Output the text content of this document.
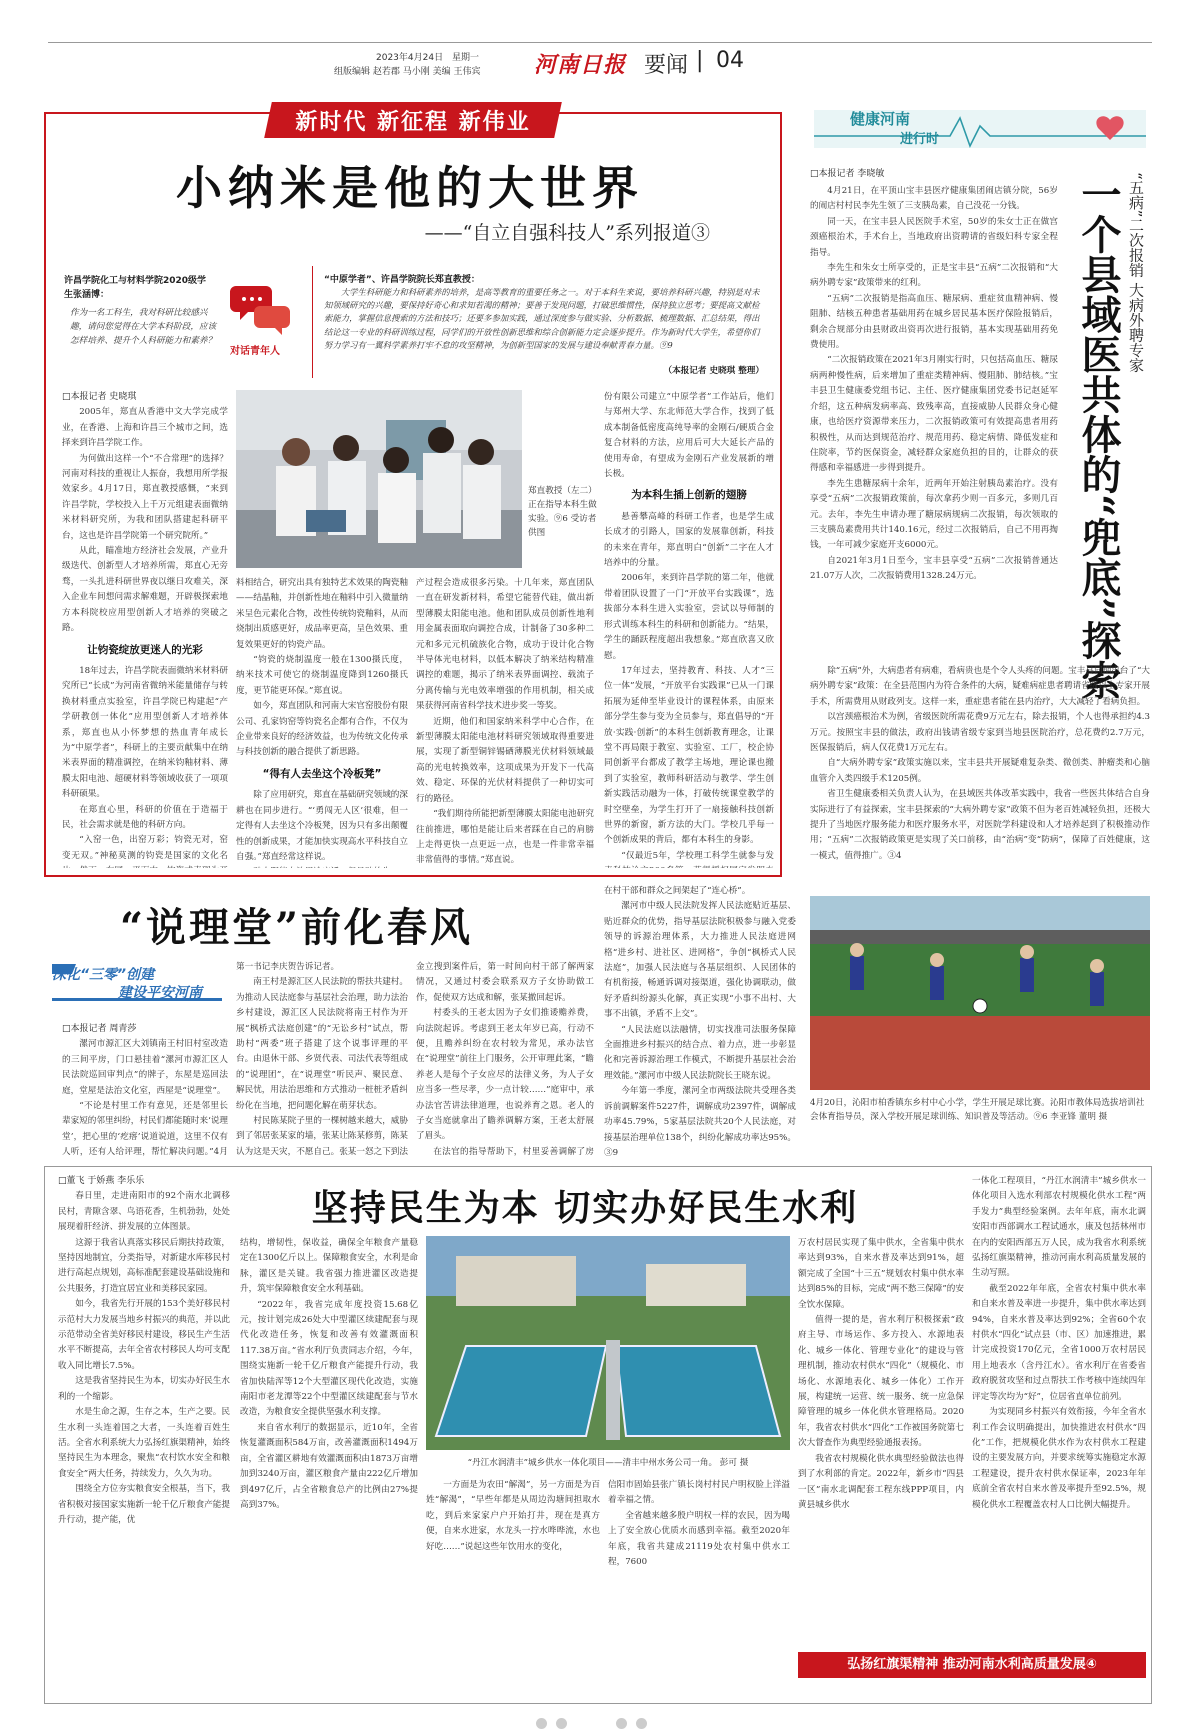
2023年4月24日 星期一
组版编辑 赵若郡 马小刚 美编 王伟宾 河南日报 要闻 | 04
新时代 新征程 新伟业
小纳米是他的大世界
——“自立自强科技人”系列报道③
许昌学院化工与材料学院2020级学生张涵博：
作为一名工科生，我对科研比较感兴趣，请问您觉得在大学本科阶段，应该怎样培养、提升个人科研能力和素养？
对话青年人
“中原学者”、许昌学院院长郑直教授：
大学生科研能力和科研素养的培养，是高等教育的重要任务之一。对于本科生来说，要培养科研兴趣，特别是对未知领域研究的兴趣，要保持好奇心和求知若渴的精神；要善于发现问题，打破思维惯性，保持独立思考；要提高文献检索能力，掌握信息搜索的方法和技巧；还要多参加实践，通过深度参与做实验、分析数据、梳理数据、汇总结果，得出结论这一专业的科研训练过程，同学们的开放性创新思维和综合创新能力定会逐步提升。作为新时代大学生，希望你们努力学习有一翼科学素养打牢不怠的攻坚精神，为创新型国家的发展与建设奉献青春力量。⑨9
（本报记者 史晓琪 整理）

□本报记者 史晓琪

2005年，郑直从香港中文大学完成学业，在香港、上海和许昌三个城市之间，选择来到许昌学院工作。

为何做出这样一个“不合常理”的选择？河南对科技的重视让人振奋，我想用所学报效家乡。4月17日，郑直教授感慨，“来到许昌学院，学校投入上千万元组建表面微纳米材料研究所，为我和团队搭建起科研平台，这也是许昌学院第一个研究院所。”

从此，瞄准地方经济社会发展，产业升级迭代、创新型人才培养所需，郑直心无旁骛，一头扎进科研世界夜以继日攻难关，深入企业车间想问需求解难题，开辟极探索地方本科院校应用型创新人才培养的突破之路。

让钧瓷绽放更迷人的光彩

18年过去，许昌学院表面微纳米材料研究所已“长成”为河南省微纳米能量储存与转换材料重点实验室，许昌学院已构建起“产学研教创一体化”应用型创新人才培养体系，郑直也从小怀梦想的热血青年成长为“中原学者”，科研上的主要贡献集中在纳米表界面的精准调控，在纳米钧釉材料、薄膜太阳电池、超硬材料等领域收获了一项项科研硕果。

在郑直心里，科研的价值在于造福于民，社会需求就是他的科研方向。

“入窑一色，出窑万彩；钧瓷无对，窑变无双。”神秘莫测的钧瓷是国家的文化名

郑直教授（左二）正在指导本科生做实验。⑨6 受访者供图

料相结合，研究出具有独特艺术效果的陶瓷釉——结晶釉，并创新性地在釉料中引入微量纳米呈色元素化合物，改性传统钧瓷釉料，从而烧制出质感更好，成品率更高，呈色效果、重复效果更好的钧瓷产品。

“钧瓷的烧制温度一般在1300摄氏度，纳米技术可使它的烧制温度降到1260摄氏度，更节能更环保。”郑直说。

如今，郑直团队和河南大宋官窑股份有限公司、孔家钧窑等钧瓷名企都有合作，不仅为企业带来良好的经济效益，也为传统文化传承与科技创新的融合提供了新思路。

“得有人去坐这个冷板凳”

除了应用研究，郑直在基础研究领域的深耕也在同步进行。“‘勇闯无人区’很难，但一定得有人去坐这个冷板凳，因为只有多出颠覆性的创新成果，才能加快实现高水平科技自立自强。”郑直经常这样说。

产过程会造成很多污染。十几年来，郑直团队一直在研发新材料，希望它能替代硅，做出新型薄膜太阳能电池。他和团队成员创新性地利用金属表面取向调控合成，计制备了30多种二元和多元元机硫族化合物，成功于设计化合物半导体光电材料，以低本解决了纳米结构精准调控的难题，揭示了纳米表界面调控、载流子分离传输与光电效率增强的作用机制，相关成果获得河南省科学技术进步奖一等奖。

近期，他们和国家纳米科学中心合作，在新型薄膜太阳能电池材料研究领域取得重要进展，实现了新型铜锌锡硒薄膜光伏材料领域最高的光电转换效率，这项成果为开发下一代高效、稳定、环保的光伏材料提供了一种切实可行的路径。

“我们期待所能把新型薄膜太阳能电池研究往前推进，哪怕是能让后来者踩在自己的肩膀上走得更快一点更远一点，也是一件非常幸福非常值得的事情。”郑直说。

份有限公司建立“中原学者”工作站后，他们与郑州大学、东北师范大学合作，找到了低成本制备低密度高纯导率的金刚石/硬质合金复合材料的方法，应用后可大大延长产品的使用寿命，有望成为金刚石产业发展新的增长极。

为本科生插上创新的翅膀

悬善攀高峰的科研工作者，也是学生成长成才的引路人，国家的发展靠创新，科技的未来在青年，郑直明白“创新”二字在人才培养中的分量。

2006年，来到许昌学院的第二年，他就带着团队设置了一门“开放平台实践课”，选拔部分本科生进入实验室，尝试以导师制的形式训练本科生的科研和创新能力。“结果，学生的踊跃程度超出我想象。”郑直欣喜又欣慰。

17年过去，坚持教育、科技、人才“三位一体”发展，“开放平台实践课”已从一门课拓展为延伸至毕业设计的课程体系，由原来部分学生参与变为全员参与，郑直倡导的“开放·实践·创新”的本科生创新教育理念，让课堂不再局限于教室、实验室、工厂，校企协同创新平台都成了教学主场地，理论课也搬到了实验室，教师科研活动与教学、学生创新实践活动融为一体，打破传统课堂教学的时空壁垒，为学生打开了一扇接触科技创新世界的新窗，新方法的大门。学校几乎每一个创新成果的背后，都有本科生的身影。

“仅最近5年，学校理工科学生就参与发

健康河南
进行时
□本报记者 李晓敏	“五病”二次报销 大病外聘专家
一个县域医共体的“兜底”探索

4月21日，在平顶山宝丰县医疗健康集团闹店镇分院，56岁的闹店村村民李先生领了三支胰岛素，自己没花一分钱。

同一天，在宝丰县人民医院手术室，50岁的朱女士正在做宫颈癌根治术，手术台上，当地政府出资聘请的省级妇科专家全程指导。

李先生和朱女士所享受的，正是宝丰县“五病”二次报销和“大病外聘专家”政策带来的红利。

“五病”二次报销是指高血压、糖尿病、重症贫血精神病、慢阻肺、结核五种患者基础用药在城乡居民基本医疗保险报销后，剩余合规部分由县财政出资再次进行报销，基本实现基础用药免费使用。

“二次报销政策在2021年3月刚实行时，只包括高血压、糖尿病两种慢性病，后来增加了重症类精神病、慢阻肺、肺结核。”宝丰县卫生健康委党组书记、主任、医疗健康集团党委书记赵延军介绍，这五种病发病率高、致残率高，直接威胁人民群众身心健康，也给医疗资源带来压力，二次报销政策可有效提高患者用药积极性，从而达到规范治疗、规范用药、稳定病情、降低发症和住院率，节约医保资金，减轻群众家庭负担的目的，让群众的获得感和幸福感进一步得到提升。

李先生患糖尿病十余年，近两年开始注射胰岛素治疗。没有享受“五病”二次报销政策前，每次拿药少则一百多元，多则几百元。去年，李先生申请办理了糖尿病规病二次报销，每次领取的三支胰岛素费用共计140.16元，经过二次报销后，自己不用再掏钱，一年可减少家庭开支6000元。

自2021年3月1日至今，宝丰县享受“五病”二次报销普通达21.07万人次，二次报销费用1328.24万元。

除“五病”外，大病患者有病难，看病贵也是个令人头疼的问题。宝丰县同期出台了“大病外聘专家”政策：在全县范围内为符合条件的大病，疑难病症患者聘请省级以上专家开展手术，所需费用从财政列支。这样一来，重症患者能在县内治疗，大大减轻了看病负担。

以宫颈癌根治术为例，省级医院所需花费9万元左右，除去报销，个人也得承担约4.3万元。按照宝丰县的做法，政府出钱请省级专家到当地县医院治疗，总花费约2.7万元，医保报销后，病人仅花费1万元左右。

自“大病外聘专家”政策实施以来，宝丰县共开展疑难复杂类、微创类、肿瘤类和心脑血管介入类四级手术1205例。

省卫生健康委相关负责人认为，在县域医共体改革实践中，我省一些医共体结合自身实际进行了有益探索，宝丰县探索的“大病外聘专家”政策不但为老百姓减轻负担，还极大提升了当地医疗服务能力和医疗服务水平，对医院学科建设和人才培养起到了积极推动作用；“五病”二次报销政策更是实现了关口前移，由“治病”变“防病”，保障了百姓健康，这一模式，值得推广。③4

4月20日，沁阳市柏香镇东乡村中心小学，学生开展足球比赛。沁阳市教体局选拔培训社会体育指导员，深入学校开展足球训练、知识普及等活动。⑨6 李亚锋 董明 摄
“说理堂”前化春风
深化“三零”创建
建设平安河南

□本报记者 周青莎

漯河市源汇区大刘镇南王村旧村室改造的三间平房，门口悬挂着“漯河市源汇区人民法院巡回审判点”的牌子，东屋是巡回法庭，堂屋是法治文化室，西屋是“说理堂”。

“不论是村里工作有意见，还是邻里长辈家短的邻里纠纷，村民们都能随时来‘说理堂’，把心里的‘疙瘩’说道说道，这里不仅有人听，还有人给评理，帮忙解决问题。”4月

第一书记李庆贺告诉记者。

南王村是源汇区人民法院的帮扶共建村。为推动人民法庭参与基层社会治理，助力法治乡村建设，源汇区人民法院将南王村作为开展“枫桥式法庭创建”的“无讼乡村”试点，帮助村“两委”班子搭建了这个说事评理的平台。由退休干部、乡贤代表、司法代表等组成的“说理团”，在“说理堂”听民声、聚民意、解民忧，用法治思维和方式推动一桩桩矛盾纠纷化在当地，把问题化解在萌芽状态。

村民陈某院子里的一棵树越来越大，威胁到了邻居张某家的墙，张某让陈某修剪，陈某认为这是天灾，不愿自己。张某一怒之下到法

金立搜到案件后，第一时间向村干部了解两家情况，又通过村委会联系双方子女协助做工作，促使双方达成和解，张某撤回起诉。

村委头的王老太因为子女们推诿赡养费，向法院起诉。考虑到王老太年岁已高，行动不便，且赡养纠纷在农村较为常见，承办法官在“说理堂”前往上门服务，公开审理此案，“瞻养老人是每个子女应尽的法律义务，为人子女应当多一些尽孝，少一点计较……”庭审中，承办法官苦讲法律道理，也说养育之恩。老人的子女当庭就拿出了瞻养调解方案，王老太舒展了眉头。

在法官的指导帮助下，村里妥善调解了房

在村干部和群众之间架起了“连心桥”。

漯河市中级人民法院发挥人民法庭贴近基层、贴近群众的优势，指导基层法院积极参与融入党委领导的诉源治理体系，大力推进人民法庭进网格“进乡村、进社区、进网格”，争创“枫桥式人民法庭”，加强人民法庭与各基层组织、人民团体的有机衔接，畅通诉调对接渠道，强化协调联动，做好矛盾纠纷源头化解，真正实现“小事不出村、大事不出镇，矛盾不上交”。

“人民法庭以法融情，切实找准司法服务保障全面推进乡村振兴的结合点、着力点，进一步彰显化和完善诉源治理工作模式，不断提升基层社会治理效能。”漯河市中级人民法院院长王晓东说。

今年第一季度，漯河全市两级法院共受理各类诉前调解案件5227件，调解成功2397件，调解成功率45.79%，5家基层法院共20个人民法庭，对接基层治理单位138个，纠纷化解成功率达95%。③9

坚持民生为本 切实办好民生水利

□董飞 于娇燕 李乐乐

春日里，走进南阳市的92个南水北调移民村，青隙含翠、鸟语花香，生机勃勃，处处展现着肝经济、拼发展的立体图景。

这源于我省认真落实移民后期扶持政策，坚持因地制宜，分类指导，对新建水库移民村进行高起点规划，高标准配套建设基础设施和公共服务，打造宜居宜业和美移民家园。

如今，我省先行开展的153个美好移民村示范村大力发展当地乡村振兴的典范，并以此示范带动全省美好移民村建设，移民生产生活水平不断提高，去年全省农村移民人均可支配收入同比增长7.5%。

这是我省坚持民生为本，切实办好民生水利的一个缩影。

水是生命之源，生存之本，生产之要。民生水利一头连着国之大者，一头连着百姓生活。全省水利系统大力弘扬红旗渠精神，始终坚持民生为本理念，聚焦“农村饮水安全和粮食安全”两大任务，持续发力，久久为功。

围绕全方位夯实粮食安全根基，当下，我省积极对接国家实施新一轮千亿斤粮食产能提升行动，提产能，优

结构，增韧性，保收益，确保全年粮食产量稳定在1300亿斤以上。保障粮食安全，水利是命脉，灌区是关键。我省强力推进灌区改造提升，筑牢保障粮食安全水利基础。

“2022年，我省完成年度投资15.68亿元，按计划完成26处大中型灌区续建配套与现代化改造任务，恢复和改善有效灌溉面积117.38万亩。”省水利厅负责同志介绍，今年，围绕实施新一轮千亿斤粮食产能提升行动，我省加快陆浑等12个大型灌区现代化改造，实施南阳市老龙潭等22个中型灌区续建配套与节水改造，为粮食安全提供坚强水利支撑。

来自省水利厅的数据显示，近10年，全省恢复灌溉面积584万亩，改善灌溉面积1494万亩，全省灌区耕地有效灌溉面积由1873万亩增加到3240万亩，灌区粮食产量由222亿斤增加到497亿斤，占全省粮食总产的比例由27%提高到37%。

“丹江水润清丰”城乡供水一体化项目——清丰中州水务公司一角。 彭可 摄

一方面是为农田“解渴”，另一方面是为百姓“解渴”，“早些年都是从周边沟塘间担取水吃，到后来家家户户开始打井，现在是真方便，自来水进家，水龙头一拧水哗哗流，水也好吃……”说起这些年饮用水的变化，

信阳市固始县张广镇长岗村村民户明权脸上洋溢着幸福之情。

全省越来越多殷户明权一样的农民，因为喝上了安全放心优质水而感到幸福。截至2020年年底，我省共建成21119处农村集中供水工程，7600

万农村居民实现了集中供水，全省集中供水率达到93%，自来水普及率达到91%，超额完成了全国“十三五”规划农村集中供水率达到85%的目标，完成“两不愁三保障”的安全饮水保障。

值得一提的是，省水利厅积极探索“政府主导、市场运作、多方投入、水源地表化、城乡一体化、管理专业化”的建设与管理机制，推动农村供水“四化”（规模化、市场化、水源地表化、城乡一体化）工作开展，构建统一运营、统一服务、统一应急保障管理的城乡一体化供水管理格局。2020年，我省农村供水“四化”工作被国务院第七次大督查作为典型经验通报表扬。

我省农村规模化供水典型经验做法也得到了水利部的肯定。2022年，新乡市“四县一区”南水北调配套工程东线PPP项目，内黄县城乡供水

一体化工程项目，“丹江水润清丰”城乡供水一体化项目入选水利部农村规模化供水工程“两手发力”典型经验案例。去年年底，南水北调安阳市西部调水工程试通水，康及包括林州市在内的安阳西部五万人民，成为我省水利系统弘扬红旗渠精神，推动河南水利高质量发展的生动写照。

截至2022年年底，全省农村集中供水率和自来水普及率进一步提升，集中供水率达到94%，自来水普及率达到92%；全省60个农村供水“四化”试点县（市、区）加速推进，累计完成投资170亿元，全省1000万农村居民用上地表水（含丹江水）。省水利厅在省委省政府脱贫攻坚和过点帮扶工作考核中连续四年评定等次均为“好”，位居省直单位前列。

为实现同乡村振兴有效衔接，今年全省水利工作会议明确提出，加快推进农村供水“四化”工作，把规模化供水作为农村供水工程建设的主要发展方向，并要求统筹实施稳定水源工程建设，提升农村供水保证率，2023年年底前全省农村自来水普及率提升至92.5%，规模化供水工程覆盖农村人口比例大幅提升。

弘扬红旗渠精神 推动河南水利高质量发展④
